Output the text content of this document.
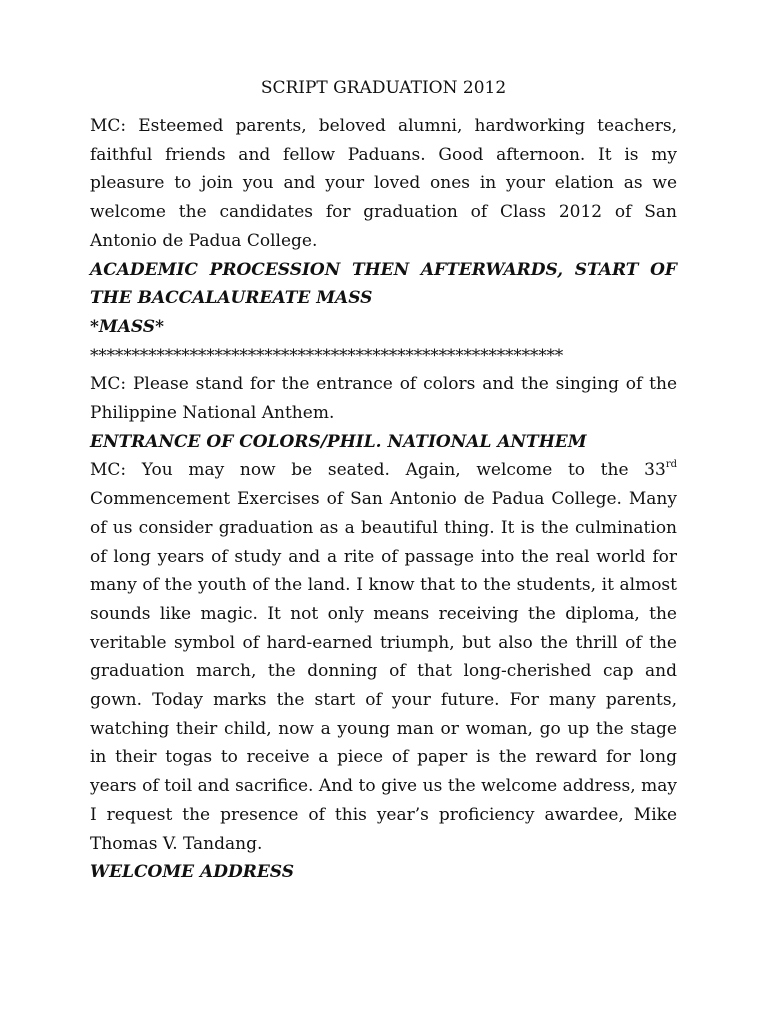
SCRIPT GRADUATION 2012

MC: Esteemed parents, beloved alumni, hardworking teachers, faithful friends and fellow Paduans. Good afternoon. It is my pleasure to join you and your loved ones in your elation as we welcome the candidates for graduation of Class 2012 of San Antonio de Padua College.

ACADEMIC PROCESSION THEN AFTERWARDS, START OF THE BACCALAUREATE MASS

*MASS*

*********************************************************

MC: Please stand for the entrance of colors and the singing of the Philippine National Anthem.

ENTRANCE OF COLORS/PHIL. NATIONAL ANTHEM

MC: You may now be seated. Again, welcome to the 33rd Commencement Exercises of San Antonio de Padua College. Many of us consider graduation as a beautiful thing. It is the culmination of long years of study and a rite of passage into the real world for many of the youth of the land. I know that to the students, it almost sounds like magic. It not only means receiving the diploma, the veritable symbol of hard-earned triumph, but also the thrill of the graduation march, the donning of that long-cherished cap and gown. Today marks the start of your future. For many parents, watching their child, now a young man or woman, go up the stage in their togas to receive a piece of paper is the reward for long years of toil and sacrifice. And to give us the welcome address, may I request the presence of this year’s proficiency awardee, Mike Thomas V. Tandang.

WELCOME ADDRESS
